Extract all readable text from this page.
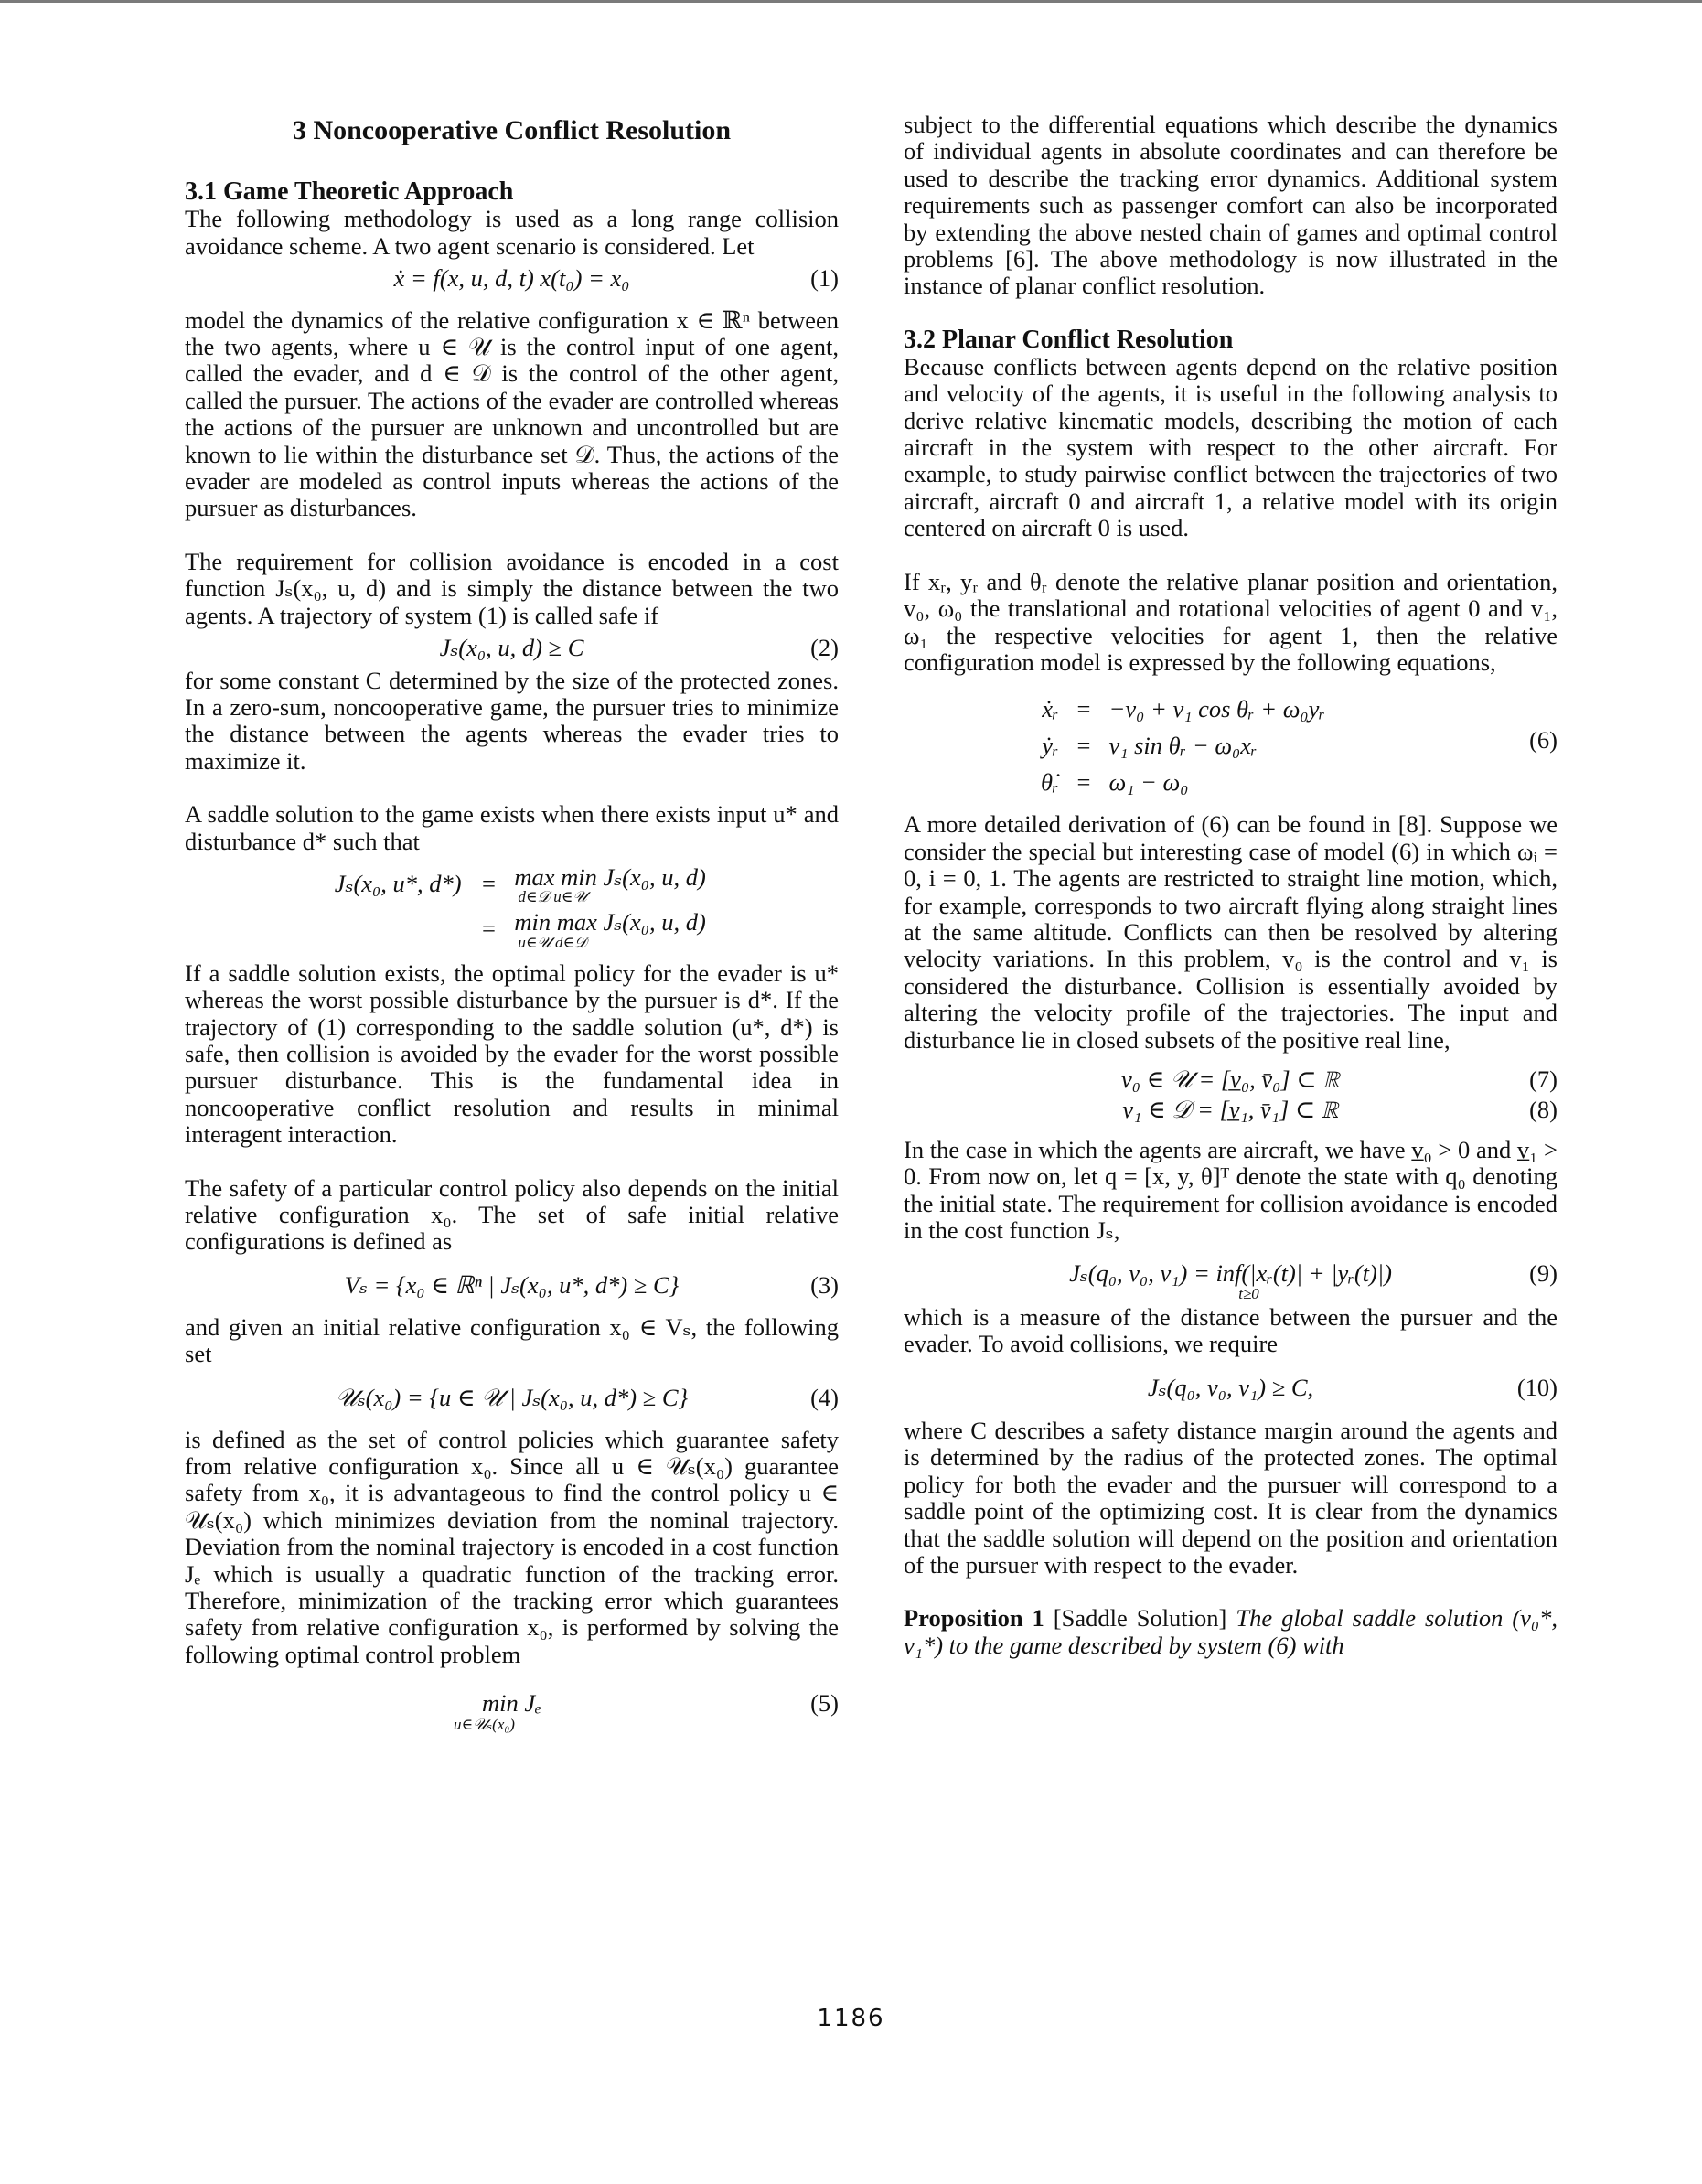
3 Noncooperative Conflict Resolution
3.1 Game Theoretic Approach

The following methodology is used as a long range collision avoidance scheme. A two agent scenario is considered. Let

ẋ = f(x, u, d, t) x(t₀) = x₀	(1)

model the dynamics of the relative configuration x ∈ ℝⁿ between the two agents, where u ∈ 𝒰 is the control input of one agent, called the evader, and d ∈ 𝒟 is the control of the other agent, called the pursuer. The actions of the evader are controlled whereas the actions of the pursuer are unknown and uncontrolled but are known to lie within the disturbance set 𝒟. Thus, the actions of the evader are modeled as control inputs whereas the actions of the pursuer as disturbances.

The requirement for collision avoidance is encoded in a cost function Jₛ(x₀, u, d) and is simply the distance between the two agents. A trajectory of system (1) is called safe if

Jₛ(x₀, u, d) ≥ C	(2)

for some constant C determined by the size of the protected zones. In a zero-sum, noncooperative game, the pursuer tries to minimize the distance between the agents whereas the evader tries to maximize it.

A saddle solution to the game exists when there exists input u* and disturbance d* such that

Jₛ(x₀, u*, d*)	=	max min Jₛ(x₀, u, d)
d∈𝒟 u∈𝒰

	=	min max Jₛ(x₀, u, d)
u∈𝒰 d∈𝒟

If a saddle solution exists, the optimal policy for the evader is u* whereas the worst possible disturbance by the pursuer is d*. If the trajectory of (1) corresponding to the saddle solution (u*, d*) is safe, then collision is avoided by the evader for the worst possible pursuer disturbance. This is the fundamental idea in noncooperative conflict resolution and results in minimal interagent interaction.

The safety of a particular control policy also depends on the initial relative configuration x₀. The set of safe initial relative configurations is defined as

Vₛ = {x₀ ∈ ℝⁿ | Jₛ(x₀, u*, d*) ≥ C}	(3)

and given an initial relative configuration x₀ ∈ Vₛ, the following set

𝒰ₛ(x₀) = {u ∈ 𝒰 | Jₛ(x₀, u, d*) ≥ C}	(4)

is defined as the set of control policies which guarantee safety from relative configuration x₀. Since all u ∈ 𝒰ₛ(x₀) guarantee safety from x₀, it is advantageous to find the control policy u ∈ 𝒰ₛ(x₀) which minimizes deviation from the nominal trajectory. Deviation from the nominal trajectory is encoded in a cost function Jₑ which is usually a quadratic function of the tracking error. Therefore, minimization of the tracking error which guarantees safety from relative configuration x₀, is performed by solving the following optimal control problem

min Jₑ
u∈𝒰ₛ(x₀)
(5)

subject to the differential equations which describe the dynamics of individual agents in absolute coordinates and can therefore be used to describe the tracking error dynamics. Additional system requirements such as passenger comfort can also be incorporated by extending the above nested chain of games and optimal control problems [6]. The above methodology is now illustrated in the instance of planar conflict resolution.

3.2 Planar Conflict Resolution

Because conflicts between agents depend on the relative position and velocity of the agents, it is useful in the following analysis to derive relative kinematic models, describing the motion of each aircraft in the system with respect to the other aircraft. For example, to study pairwise conflict between the trajectories of two aircraft, aircraft 0 and aircraft 1, a relative model with its origin centered on aircraft 0 is used.

If xᵣ, yᵣ and θᵣ denote the relative planar position and orientation, v₀, ω₀ the translational and rotational velocities of agent 0 and v₁, ω₁ the respective velocities for agent 1, then the relative configuration model is expressed by the following equations,

ẋᵣ	=	−v₀ + v₁ cos θᵣ + ω₀yᵣ
ẏᵣ	=	v₁ sin θᵣ − ω₀xᵣ
θ̇ᵣ	=	ω₁ − ω₀
(6)

A more detailed derivation of (6) can be found in [8]. Suppose we consider the special but interesting case of model (6) in which ωᵢ = 0, i = 0, 1. The agents are restricted to straight line motion, which, for example, corresponds to two aircraft flying along straight lines at the same altitude. Conflicts can then be resolved by altering velocity variations. In this problem, v₀ is the control and v₁ is considered the disturbance. Collision is essentially avoided by altering the velocity profile of the trajectories. The input and disturbance lie in closed subsets of the positive real line,

v₀ ∈ 𝒰 = [v̲₀, v̄₀] ⊂ ℝ	(7)
v₁ ∈ 𝒟 = [v̲₁, v̄₁] ⊂ ℝ	(8)

In the case in which the agents are aircraft, we have v̲₀ > 0 and v̲₁ > 0. From now on, let q = [x, y, θ]ᵀ denote the state with q₀ denoting the initial state. The requirement for collision avoidance is encoded in the cost function Jₛ,

Jₛ(q₀, v₀, v₁) = inf(|xᵣ(t)| + |yᵣ(t)|)
t≥0
(9)

which is a measure of the distance between the pursuer and the evader. To avoid collisions, we require

Jₛ(q₀, v₀, v₁) ≥ C,	(10)

where C describes a safety distance margin around the agents and is determined by the radius of the protected zones. The optimal policy for both the evader and the pursuer will correspond to a saddle point of the optimizing cost. It is clear from the dynamics that the saddle solution will depend on the position and orientation of the pursuer with respect to the evader.

Proposition 1 [Saddle Solution] The global saddle solution (v₀*, v₁*) to the game described by system (6) with

1186
